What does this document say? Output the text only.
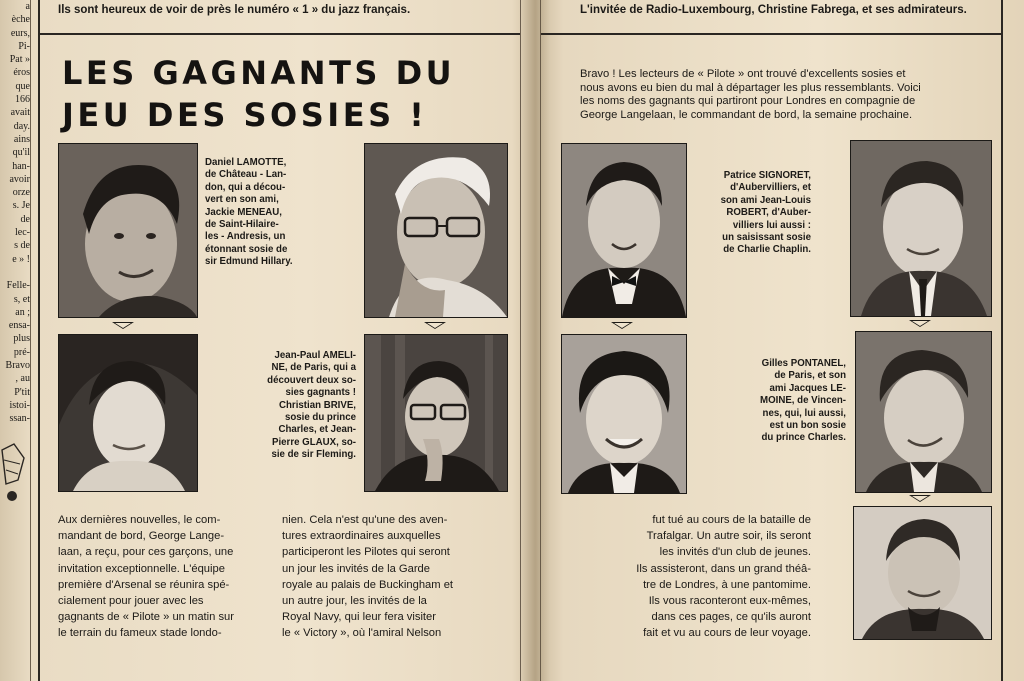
a
èche
eurs,
Pi-
Pat »
éros
que
166
avait
day.
ains
qu'il
han-
avoir
orze
s. Je
de
lec-
s de
e » !
Felle-
s, et
an ;
ensa-
plus
pré-
Bravo
, au
P'tit
istoi-
ssan-
Ils sont heureux de voir de près le numéro « 1 » du jazz français.	L'invitée de Radio-Luxembourg, Christine Fabrega, et ses admirateurs.
LES GAGNANTS DU
JEU DES SOSIES !
Bravo ! Les lecteurs de « Pilote » ont trouvé d'excellents sosies et
nous avons eu bien du mal à départager les plus ressemblants. Voici
les noms des gagnants qui partiront pour Londres en compagnie de
George Langelaan, le commandant de bord, la semaine prochaine.
Daniel LAMOTTE,
de Château - Lan-
don, qui a décou-
vert en son ami,
Jackie MENEAU,
de Saint-Hilaire-
les - Andresis, un
étonnant sosie de
sir Edmund Hillary.
Jean-Paul AMELI-
NE, de Paris, qui a
découvert deux so-
sies gagnants !
Christian BRIVE,
sosie du prince
Charles, et Jean-
Pierre GLAUX, so-
sie de sir Fleming.
Patrice SIGNORET,
d'Aubervilliers, et
son ami Jean-Louis
ROBERT, d'Auber-
villiers lui aussi :
un saisissant sosie
de Charlie Chaplin.
Gilles PONTANEL,
de Paris, et son
ami Jacques LE-
MOINE, de Vincen-
nes, qui, lui aussi,
est un bon sosie
du prince Charles.
Aux dernières nouvelles, le com-
mandant de bord, George Lange-
laan, a reçu, pour ces garçons, une
invitation exceptionnelle. L'équipe
première d'Arsenal se réunira spé-
cialement pour jouer avec les
gagnants de « Pilote » un matin sur
le terrain du fameux stade londo-
nien. Cela n'est qu'une des aven-
tures extraordinaires auxquelles
participeront les Pilotes qui seront
un jour les invités de la Garde
royale au palais de Buckingham et
un autre jour, les invités de la
Royal Navy, qui leur fera visiter
le « Victory », où l'amiral Nelson
fut tué au cours de la bataille de
Trafalgar. Un autre soir, ils seront
les invités d'un club de jeunes.
Ils assisteront, dans un grand théâ-
tre de Londres, à une pantomime.
Ils vous raconteront eux-mêmes,
dans ces pages, ce qu'ils auront
fait et vu au cours de leur voyage.
